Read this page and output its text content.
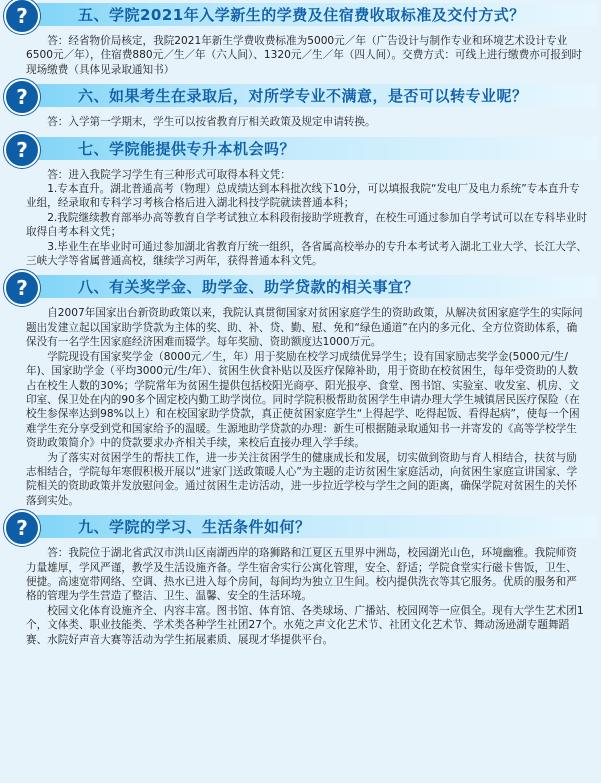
?	五、学院2021年入学新生的学费及住宿费收取标准及交付方式？

答：经省物价局核定，我院2021年新生学费收费标准为5000元／年（广告设计与制作专业和环境艺术设计专业6500元／年），住宿费880元／生／年（六人间）、1320元／生／年（四人间）。交费方式：可线上进行缴费亦可报到时现场缴费（具体见录取通知书）

?	六、如果考生在录取后，对所学专业不满意，是否可以转专业呢？

答：入学第一学期末，学生可以按省教育厅相关政策及规定申请转换。

?	七、学院能提供专升本机会吗？

答：进入我院学习学生有三种形式可取得本科文凭：

1.专本直升。湖北普通高考（物理）总成绩达到本科批次线下10分，可以填报我院“发电厂及电力系统”专本直升专业组，经录取和专科学习考核合格后进入湖北科技学院就读普通本科；

2.我院继续教育部举办高等教育自学考试独立本科段衔接助学班教育，在校生可通过参加自学考试可以在专科毕业时取得自考本科文凭；

3.毕业生在毕业时可通过参加湖北省教育厅统一组织，各省属高校举办的专升本考试考入湖北工业大学、长江大学、三峡大学等省属普通高校，继续学习两年，获得普通本科文凭。

?	八、有关奖学金、助学金、助学贷款的相关事宜？

自2007年国家出台新资助政策以来，我院认真贯彻国家对贫困家庭学生的资助政策，从解决贫困家庭学生的实际问题出发建立起以国家助学贷款为主体的奖、助、补、贷、勤、慰、免和“绿色通道”在内的多元化、全方位资助体系，确保没有一名学生因家庭经济困难而辍学。每年奖励、资助额度达1000万元。

学院现设有国家奖学金（8000元／生，年）用于奖励在校学习成绩优异学生；设有国家励志奖学金(5000元/生/年)、国家助学金（平均3000元/生/年）、贫困生伙食补贴以及医疗保障补助，用于资助在校贫困生，每年受资助的人数占在校生人数的30%；学院常年为贫困生提供包括校阳光商亭、阳光报亭、食堂、图书馆、实验室、收发室、机房、文印室、保卫处在内的90多个固定校内勤工助学岗位。同时学院积极帮助贫困学生申请办理大学生城镇居民医疗保险（在校生参保率达到98%以上）和在校国家助学贷款，真正使贫困家庭学生“上得起学、吃得起饭、看得起病”，使每一个困难学生充分享受到党和国家给予的温暖。生源地助学贷款的办理：新生可根据随录取通知书一并寄发的《高等学校学生资助政策简介》中的贷款要求办齐相关手续，来校后直接办理入学手续。

为了落实对贫困学生的帮扶工作，进一步关注贫困学生的健康成长和发展，切实做到资助与育人相结合，扶贫与励志相结合，学院每年寒假积极开展以“进家门送政策暖人心”为主题的走访贫困生家庭活动，向贫困生家庭宣讲国家、学院相关的资助政策并发放慰问金。通过贫困生走访活动，进一步拉近学校与学生之间的距离，确保学院对贫困生的关怀落到实处。

?	九、学院的学习、生活条件如何？

答：我院位于湖北省武汉市洪山区南湖西岸的珞狮路和江夏区五里界中洲岛，校园湖光山色，环境幽雅。我院师资力量雄厚，学风严谨，教学及生活设施齐备。学生宿舍实行公寓化管理，安全、舒适；学院食堂实行磁卡售饭，卫生、便捷。高速宽带网络、空调、热水已进入每个房间，每间均为独立卫生间。校内提供洗衣等其它服务。优质的服务和严格的管理为学生营造了整洁、卫生、温馨、安全的生活环境。

校园文化体育设施齐全、内容丰富。图书馆、体育馆、各类球场、广播站、校园网等一应俱全。现有大学生艺术团1个，文体类、职业技能类、学术类各种学生社团27个。水苑之声文化艺术节、社团文化艺术节、舞动汤逊湖专题舞蹈赛、水院好声音大赛等活动为学生拓展素质、展现才华提供平台。
